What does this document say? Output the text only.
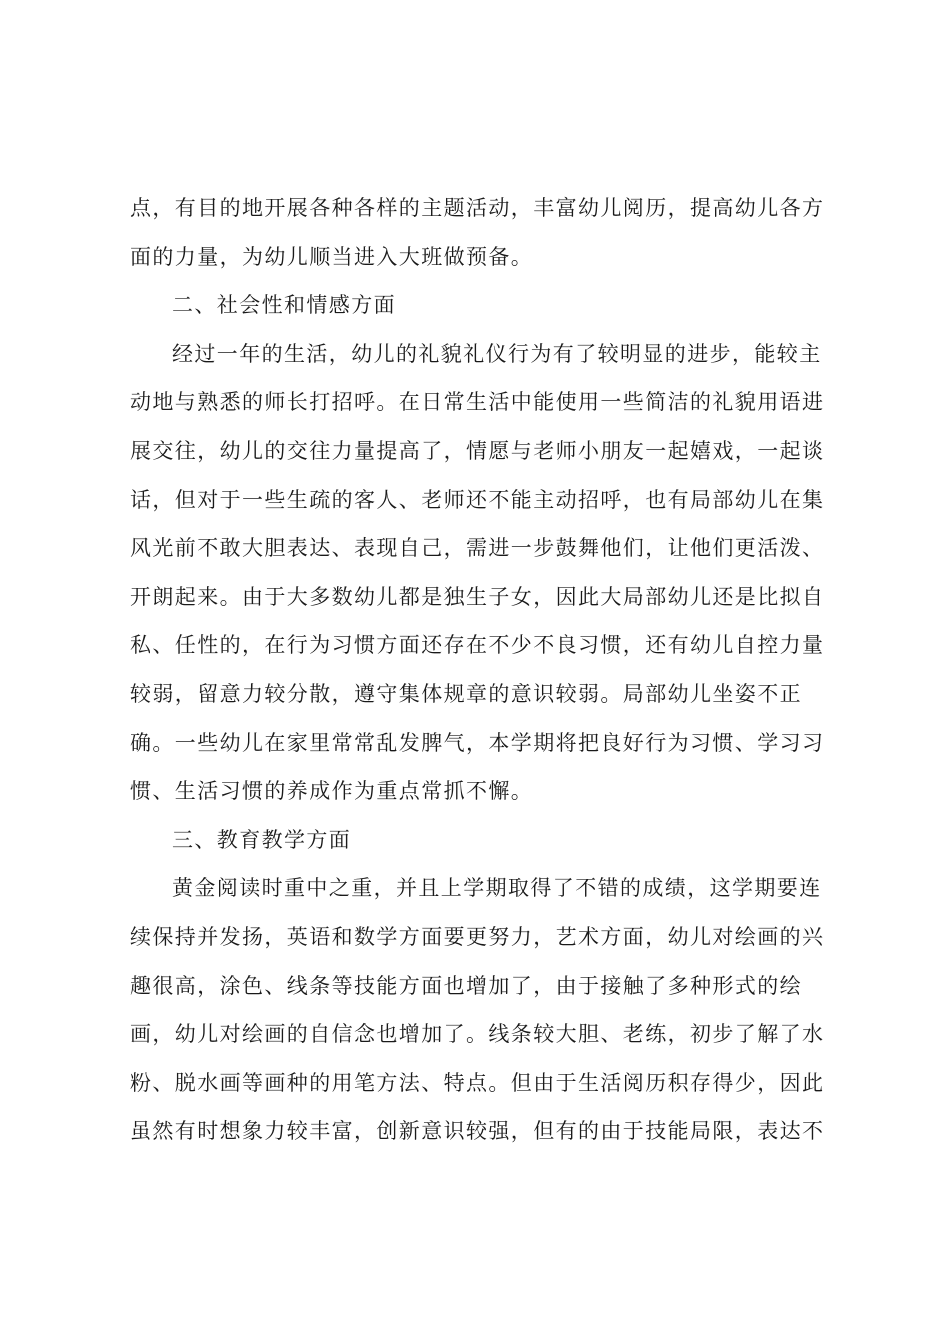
点，有目的地开展各种各样的主题活动，丰富幼儿阅历，提高幼儿各方
面的力量，为幼儿顺当进入大班做预备。
二、社会性和情感方面
经过一年的生活，幼儿的礼貌礼仪行为有了较明显的进步，能较主
动地与熟悉的师长打招呼。在日常生活中能使用一些简洁的礼貌用语进
展交往，幼儿的交往力量提高了，情愿与老师小朋友一起嬉戏，一起谈
话，但对于一些生疏的客人、老师还不能主动招呼，也有局部幼儿在集
风光前不敢大胆表达、表现自己，需进一步鼓舞他们，让他们更活泼、
开朗起来。由于大多数幼儿都是独生子女，因此大局部幼儿还是比拟自
私、任性的，在行为习惯方面还存在不少不良习惯，还有幼儿自控力量
较弱，留意力较分散，遵守集体规章的意识较弱。局部幼儿坐姿不正
确。一些幼儿在家里常常乱发脾气，本学期将把良好行为习惯、学习习
惯、生活习惯的养成作为重点常抓不懈。
三、教育教学方面
黄金阅读时重中之重，并且上学期取得了不错的成绩，这学期要连
续保持并发扬，英语和数学方面要更努力，艺术方面，幼儿对绘画的兴
趣很高，涂色、线条等技能方面也增加了，由于接触了多种形式的绘
画，幼儿对绘画的自信念也增加了。线条较大胆、老练，初步了解了水
粉、脱水画等画种的用笔方法、特点。但由于生活阅历积存得少，因此
虽然有时想象力较丰富，创新意识较强，但有的由于技能局限，表达不
